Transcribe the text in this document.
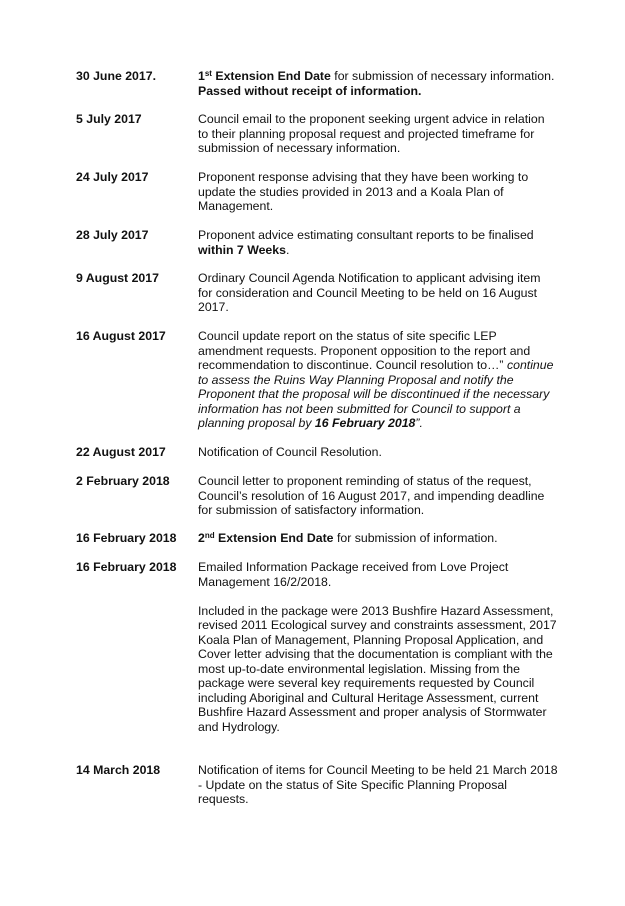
30 June 2017.	1st Extension End Date for submission of necessary information. Passed without receipt of information.
5 July 2017	Council email to the proponent seeking urgent advice in relation to their planning proposal request and projected timeframe for submission of necessary information.
24 July 2017	Proponent response advising that they have been working to update the studies provided in 2013 and a Koala Plan of Management.
28 July 2017	Proponent advice estimating consultant reports to be finalised within 7 Weeks.
9 August 2017	Ordinary Council Agenda Notification to applicant advising item for consideration and Council Meeting to be held on 16 August 2017.
16 August 2017	Council update report on the status of site specific LEP amendment requests. Proponent opposition to the report and recommendation to discontinue. Council resolution to…” continue to assess the Ruins Way Planning Proposal and notify the Proponent that the proposal will be discontinued if the necessary information has not been submitted for Council to support a planning proposal by 16 February 2018”.
22 August 2017	Notification of Council Resolution.
2 February 2018 Council letter to proponent reminding of status of the request, Council’s resolution of 16 August 2017, and impending deadline for submission of satisfactory information.
16 February 2018 2nd Extension End Date for submission of information.
16 February 2018 Emailed Information Package received from Love Project Management 16/2/2018.

Included in the package were 2013 Bushfire Hazard Assessment, revised 2011 Ecological survey and constraints assessment, 2017 Koala Plan of Management, Planning Proposal Application, and Cover letter advising that the documentation is compliant with the most up-to-date environmental legislation. Missing from the package were several key requirements requested by Council including Aboriginal and Cultural Heritage Assessment, current Bushfire Hazard Assessment and proper analysis of Stormwater and Hydrology.

14 March 2018	Notification of items for Council Meeting to be held 21 March 2018 - Update on the status of Site Specific Planning Proposal requests.
